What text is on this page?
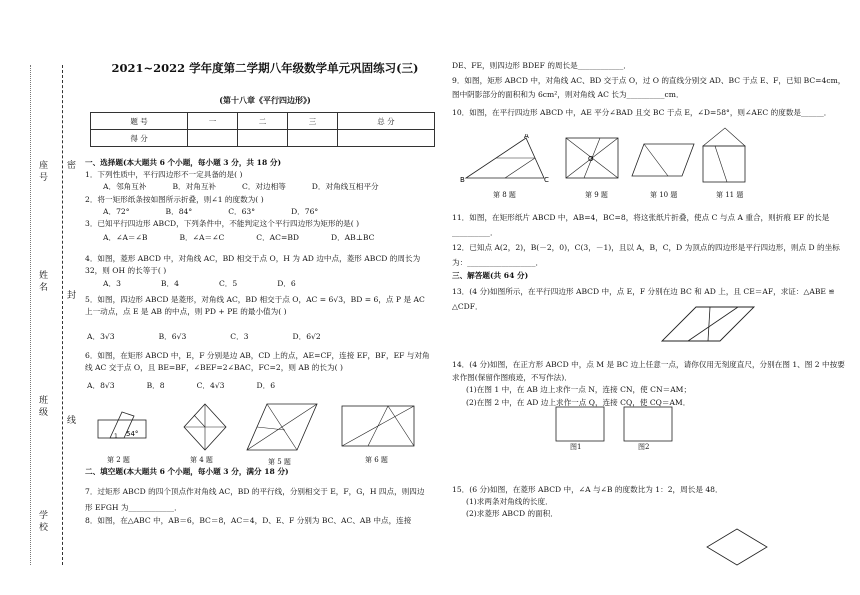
学 校
班 级
姓 名
座 号
线
封
密
2021~2022 学年度第二学期八年级数学单元巩固练习(三)
(第十八章《平行四边形》)
题 号	一	二	三	总 分
得 分				
一、选择题(本大题共 6 个小题，每小题 3 分，共 18 分)
1．下列性质中，平行四边形不一定具备的是( )
A．邻角互补	B．对角互补	C．对边相等	D．对角线互相平分
2．将一矩形纸条按如图所示折叠，则∠1 的度数为( )
A．72°	B．84°	C．63°	D．76°
3．已知平行四边形 ABCD，下列条件中，不能判定这个平行四边形为矩形的是( )
A．∠A＝∠B	B．∠A＝∠C	C．AC=BD	D．AB⊥BC
4．如图，菱形 ABCD 中，对角线 AC，BD 相交于点 O，H 为 AD 边中点，菱形 ABCD 的周长为 32，则 OH 的长等于( )
A．3	B．4	C．5	D．6
5．如图，四边形 ABCD 是菱形，对角线 AC，BD 相交于点 O，AC = 6√3，BD = 6，点 P 是 AC 上一动点，点 E 是 AB 的中点，则 PD + PE 的最小值为( )
A．3√3	B．6√3	C．3	D．6√2
6．如图，在矩形 ABCD 中，E，F 分别是边 AB，CD 上的点，AE=CF，连接 EF，BF，EF 与对角线 AC 交于点 O，且 BE=BF，∠BEF=2∠BAC，FC=2，则 AB 的长为( )
A．8√3	B．8	C．4√3	D．6
二、填空题(本大题共 6 个小题，每小题 3 分，满分 18 分)
7．过矩形 ABCD 的四个顶点作对角线 AC，BD 的平行线，分别相交于 E，F，G，H 四点，则四边形 EFGH 为____________．
8．如图，在△ABC 中，AB＝6，BC＝8，AC＝4，D、E、F 分别为 BC、AC、AB 中点，连接
54°
1
第 2 题	第 4 题	第 5 题	第 6 题
DE、FE，则四边形 BDEF 的周长是____________．
9．如图，矩形 ABCD 中，对角线 AC、BD 交于点 O，过 O 的直线分别交 AD、BC 于点 E、F，已知 BC=4cm，图中阴影部分的面积和为 6cm²，则对角线 AC 长为__________cm．
10．如图，在平行四边形 ABCD 中，AE 平分∠BAD 且交 BC 于点 E，∠D=58°，则∠AEC 的度数是______．
11．如图，在矩形纸片 ABCD 中，AB=4，BC=8，将这张纸片折叠，使点 C 与点 A 重合，则折痕 EF 的长是__________．
12．已知点 A(2，2)，B(－2，0)，C(3，－1)，且以 A，B，C，D 为顶点的四边形是平行四边形，则点 D 的坐标为：__________________．
三、解答题(共 64 分)
13．(4 分)如图所示，在平行四边形 ABCD 中，点 E，F 分别在边 BC 和 AD 上，且 CE＝AF，求证：△ABE ≌ △CDF．
14．(4 分)如图，在正方形 ABCD 中，点 M 是 BC 边上任意一点，请你仅用无刻度直尺，分别在图 1、图 2 中按要求作图(保留作图痕迹，不写作法)．
(1)在图 1 中，在 AB 边上求作一点 N，连接 CN，使 CN＝AM；
(2)在图 2 中，在 AD 边上求作一点 Q，连接 CQ，使 CQ＝AM．
15．(6 分)如图，在菱形 ABCD 中，∠A 与∠B 的度数比为 1：2，周长是 48．
(1)求两条对角线的长度．
(2)求菱形 ABCD 的面积．
A
B	C
第 8 题
O
第 9 题	第 10 题	第 11 题
图1	图2
